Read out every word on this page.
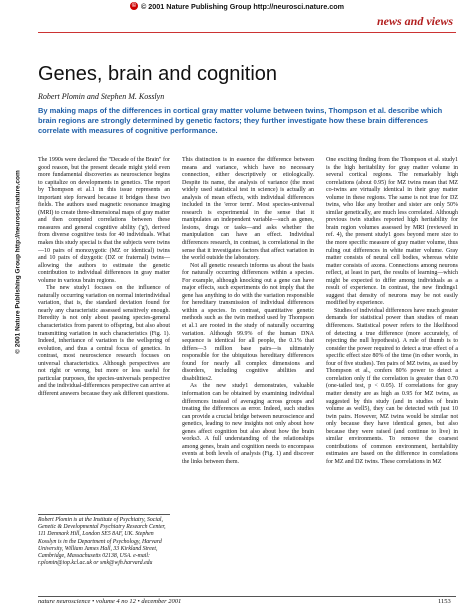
© © 2001 Nature Publishing Group http://neurosci.nature.com
news and views
© 2001 Nature Publishing Group http://neurosci.nature.com
Genes, brain and cognition
Robert Plomin and Stephen M. Kosslyn
By making maps of the differences in cortical gray matter volume between twins, Thompson et al. describe which brain regions are strongly determined by genetic factors; they further investigate how these brain differences correlate with measures of cognitive performance.

The 1990s were declared the "Decade of the Brain" for good reason, but the present decade might yield even more fundamental discoveries as neuroscience begins to capitalize on developments in genetics. The report by Thompson et al.1 in this issue represents an important step forward because it bridges these two fields. The authors used magnetic resonance imaging (MRI) to create three-dimensional maps of gray matter and then computed correlations between these measures and general cognitive ability ('g'), derived from diverse cognitive tests for 40 individuals. What makes this study special is that the subjects were twins—10 pairs of monozygotic (MZ or identical) twins and 10 pairs of dizygotic (DZ or fraternal) twins—allowing the authors to estimate the genetic contribution to individual differences in gray matter volume in various brain regions.

The new study1 focuses on the influence of naturally occurring variation on normal interindividual variation, that is, the standard deviation found for nearly any characteristic assessed sensitively enough. Heredity is not only about passing species-general characteristics from parent to offspring, but also about transmitting variation in such characteristics (Fig. 1). Indeed, inheritance of variation is the wellspring of evolution, and thus a central focus of genetics. In contrast, most neuroscience research focuses on universal characteristics. Although perspectives are not right or wrong, but more or less useful for particular purposes, the species-universals perspective and the individual-differences perspective can arrive at different answers because they ask different questions.

This distinction is in essence the difference between means and variance, which have no necessary connection, either descriptively or etiologically. Despite its name, the analysis of variance (the most widely used statistical test in science) is actually an analysis of mean effects, with individual differences included in the 'error term'. Most species-universal research is experimental in the sense that it manipulates an independent variable—such as genes, lesions, drugs or tasks—and asks whether the manipulation can have an effect. Individual differences research, in contrast, is correlational in the sense that it investigates factors that affect variation in the world outside the laboratory.

Not all genetic research informs us about the basis for naturally occurring differences within a species. For example, although knocking out a gene can have major effects, such experiments do not imply that the gene has anything to do with the variation responsible for hereditary transmission of individual differences within a species. In contrast, quantitative genetic methods such as the twin method used by Thompson et al.1 are rooted in the study of naturally occurring variation. Although 99.9% of the human DNA sequence is identical for all people, the 0.1% that differs—3 million base pairs—is ultimately responsible for the ubiquitous hereditary differences found for nearly all complex dimensions and disorders, including cognitive abilities and disabilities2.

As the new study1 demonstrates, valuable information can be obtained by examining individual differences instead of averaging across groups and treating the differences as error. Indeed, such studies can provide a crucial bridge between neuroscience and genetics, leading to new insights not only about how genes affect cognition but also about how the brain works3. A full understanding of the relationships among genes, brain and cognition needs to encompass events at both levels of analysis (Fig. 1) and discover the links between them.

One exciting finding from the Thompson et al. study1 is the high heritability for gray matter volume in several cortical regions. The remarkably high correlations (about 0.95) for MZ twins mean that MZ co-twins are virtually identical in their gray matter volume in these regions. The same is not true for DZ twins, who like any brother and sister are only 50% similar genetically, are much less correlated. Although previous twin studies reported high heritability for brain region volumes assessed by MRI (reviewed in ref. 4), the present study1 goes beyond mere size to the more specific measure of gray matter volume, thus ruling out differences in white matter volume. Gray matter consists of neural cell bodies, whereas white matter consists of axons. Connections among neurons reflect, at least in part, the results of learning—which might be expected to differ among individuals as a result of experience. In contrast, the new findings1 suggest that density of neurons may be not easily modified by experience.

Studies of individual differences have much greater demands for statistical power than studies of mean differences. Statistical power refers to the likelihood of detecting a true difference (more accurately, of rejecting the null hypothesis). A rule of thumb is to consider the power required to detect a true effect of a specific effect size 80% of the time (in other words, in four of five studies). Ten pairs of MZ twins, as used by Thompson et al., confers 80% power to detect a correlation only if the correlation is greater than 0.70 (one-tailed test, p < 0.05). If correlations for gray matter density are as high as 0.95 for MZ twins, as suggested by this study (and in studies of brain volume as well5), they can be detected with just 10 twin pairs. However, MZ twins would be similar not only because they have identical genes, but also because they were raised (and continue to live) in similar environments. To remove the coarsest contributions of common environment, heritability estimates are based on the difference in correlations for MZ and DZ twins. These correlations in MZ

Robert Plomin is at the Institute of Psychiatry, Social, Genetic & Developmental Psychiatry Research Center, 111 Denmark Hill, London SE5 8AF, UK. Stephen Kosslyn is in the Department of Psychology, Harvard University, William James Hall, 33 Kirkland Street, Cambridge, Massachusetts 02138, USA. e-mail: r.plomin@iop.kcl.ac.uk or smk@wjh.harvard.edu
nature neuroscience • volume 4 no 12 • december 2001	1153
